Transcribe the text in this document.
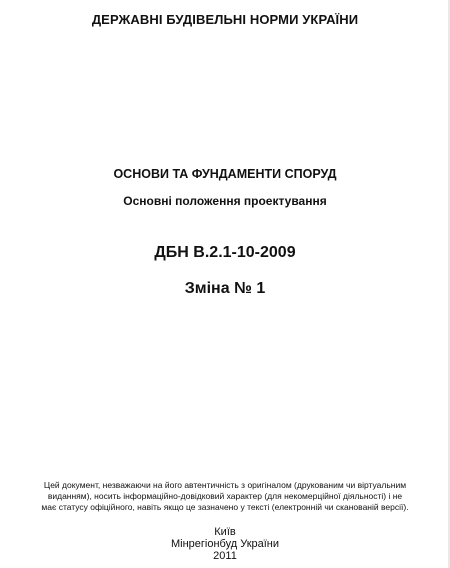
ДЕРЖАВНІ БУДІВЕЛЬНІ НОРМИ УКРАЇНИ
ОСНОВИ ТА ФУНДАМЕНТИ СПОРУД
Основні положення проектування
ДБН В.2.1-10-2009
Зміна № 1
Цей документ, незважаючи на його автентичність з оригіналом (друкованим чи віртуальним
виданням), носить інформаційно-довідковий характер (для некомерційної діяльності) і не
має статусу офіційного, навіть якщо це зазначено у тексті (електронній чи сканованій версії).
Київ
Мінрегіонбуд України
2011
